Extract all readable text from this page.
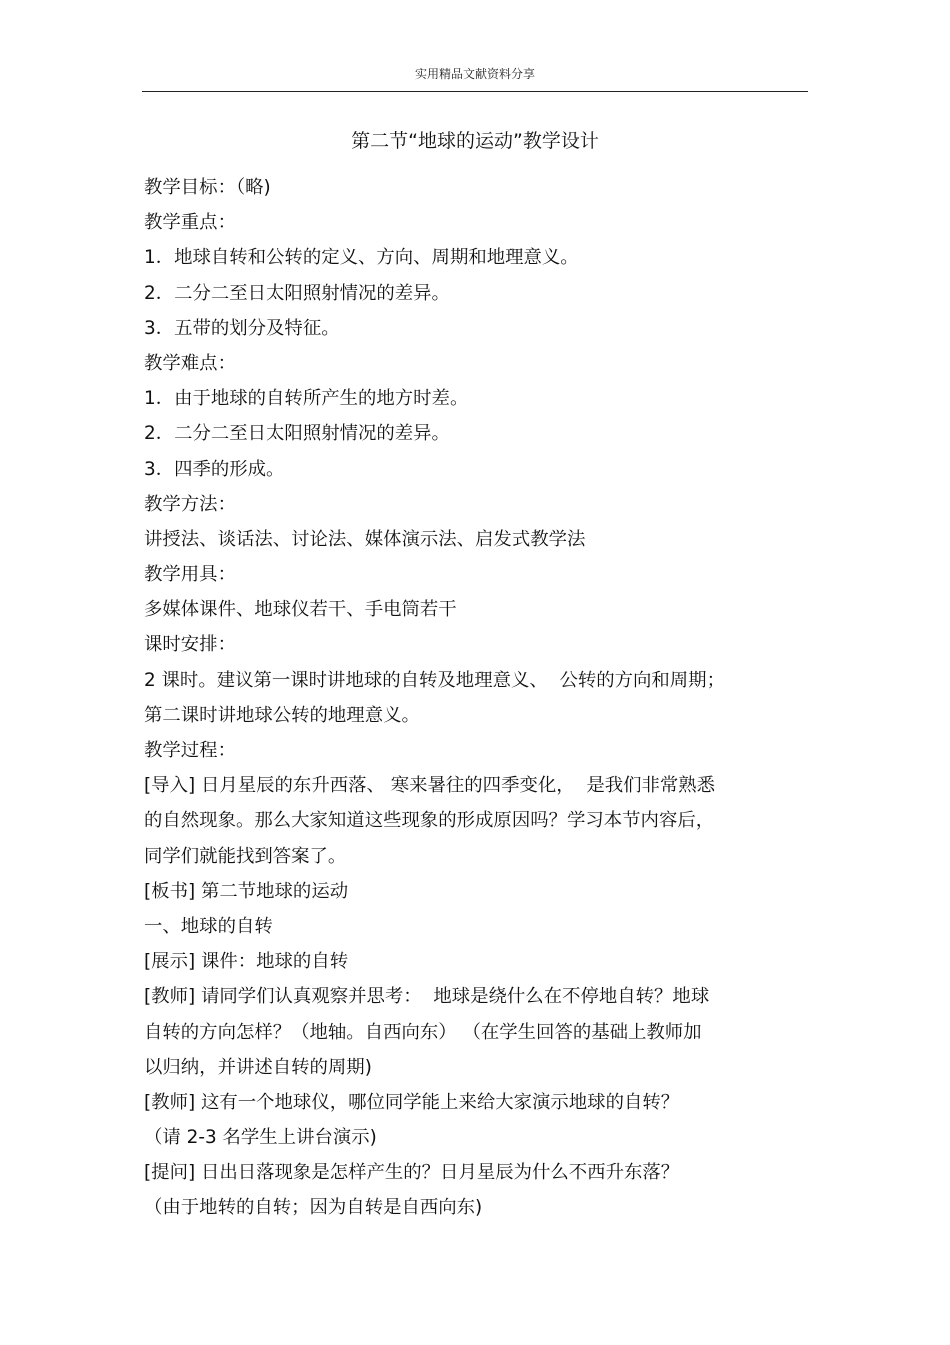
实用精品文献资料分享
第二节“地球的运动”教学设计
教学目标：（略)
教学重点：
1．地球自转和公转的定义、方向、周期和地理意义。
2．二分二至日太阳照射情况的差异。
3．五带的划分及特征。
教学难点：
1．由于地球的自转所产生的地方时差。
2．二分二至日太阳照射情况的差异。
3．四季的形成。
教学方法：
讲授法、谈话法、讨论法、媒体演示法、启发式教学法
教学用具：
多媒体课件、地球仪若干、手电筒若干
课时安排：
2 课时。建议第一课时讲地球的自转及地理意义、  公转的方向和周期；
第二课时讲地球公转的地理意义。
教学过程：
[导入] 日月星辰的东升西落、 寒来暑往的四季变化，  是我们非常熟悉
的自然现象。那么大家知道这些现象的形成原因吗？学习本节内容后，
同学们就能找到答案了。
[板书] 第二节地球的运动
一、地球的自转
[展示] 课件：地球的自转
[教师] 请同学们认真观察并思考：  地球是绕什么在不停地自转？地球
自转的方向怎样？（地轴。自西向东） （在学生回答的基础上教师加
以归纳，并讲述自转的周期)
[教师] 这有一个地球仪，哪位同学能上来给大家演示地球的自转？
（请 2-3 名学生上讲台演示)
[提问] 日出日落现象是怎样产生的？日月星辰为什么不西升东落？
（由于地转的自转；因为自转是自西向东)
